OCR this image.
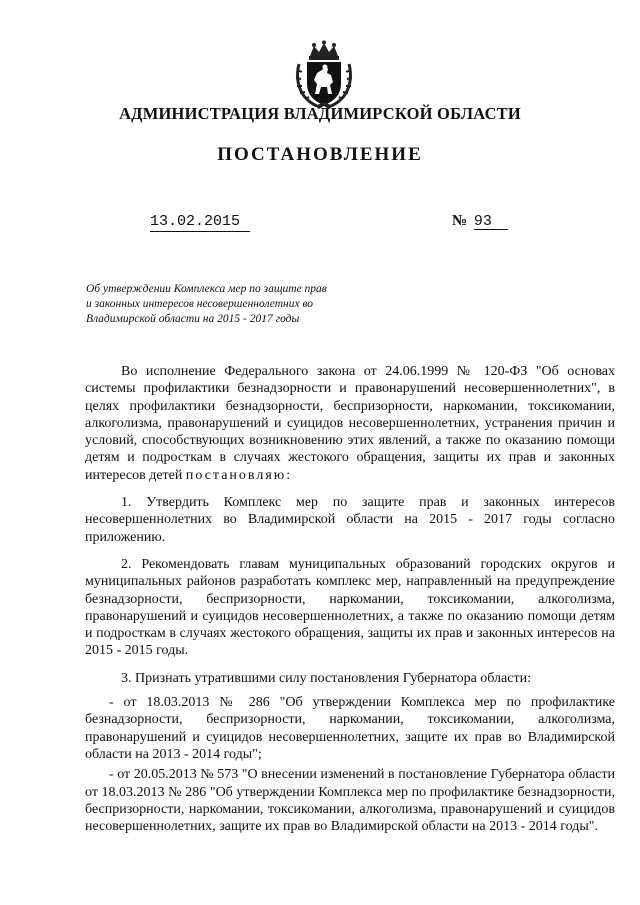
АДМИНИСТРАЦИЯ ВЛАДИМИРСКОЙ ОБЛАСТИ
ПОСТАНОВЛЕНИЕ
13.02.2015	№ 93
Об утверждении Комплекса мер по защите прав
и законных интересов несовершеннолетних во
Владимирской области на 2015 - 2017 годы

Во исполнение Федерального закона от 24.06.1999 № 120-ФЗ "Об основах системы профилактики безнадзорности и правонарушений несовершеннолетних", в целях профилактики безнадзорности, беспризорности, наркомании, токсикомании, алкоголизма, правонарушений и суицидов несовершеннолетних, устранения причин и условий, способствующих возникновению этих явлений, а также по оказанию помощи детям и подросткам в случаях жестокого обращения, защиты их прав и законных интересов детей постановляю:

1. Утвердить Комплекс мер по защите прав и законных интересов несовершеннолетних во Владимирской области на 2015 - 2017 годы согласно приложению.

2. Рекомендовать главам муниципальных образований городских округов и муниципальных районов разработать комплекс мер, направленный на предупреждение безнадзорности, беспризорности, наркомании, токсикомании, алкоголизма, правонарушений и суицидов несовершеннолетних, а также по оказанию помощи детям и подросткам в случаях жестокого обращения, защиты их прав и законных интересов на 2015 - 2015 годы.

3. Признать утратившими силу постановления Губернатора области:

- от 18.03.2013 № 286 "Об утверждении Комплекса мер по профилактике безнадзорности, беспризорности, наркомании, токсикомании, алкоголизма, правонарушений и суицидов несовершеннолетних, защите их прав во Владимирской области на 2013 - 2014 годы";

- от 20.05.2013 № 573 "О внесении изменений в постановление Губернатора области от 18.03.2013 № 286 "Об утверждении Комплекса мер по профилактике безнадзорности, беспризорности, наркомании, токсикомании, алкоголизма, правонарушений и суицидов несовершеннолетних, защите их прав во Владимирской области на 2013 - 2014 годы".
